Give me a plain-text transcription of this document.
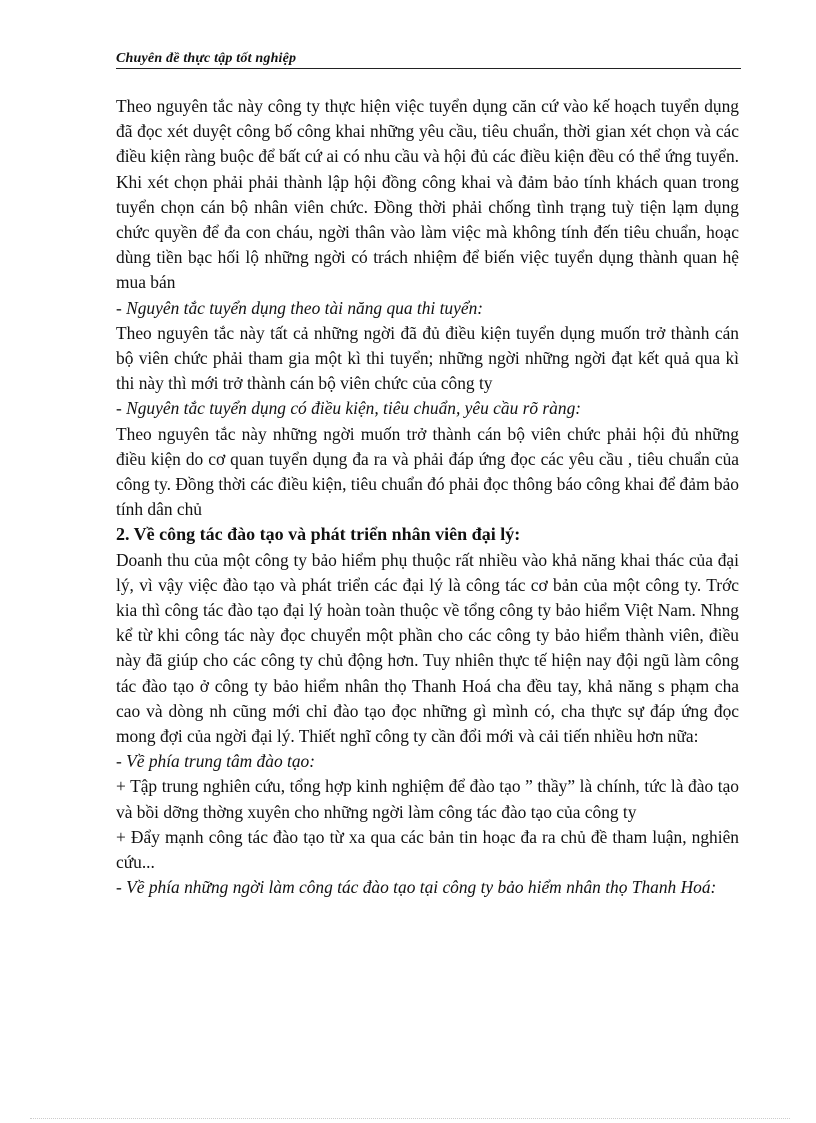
Chuyên đề thực tập tốt nghiệp

Theo nguyên tắc này công ty thực hiện việc tuyển dụng căn cứ vào kế hoạch tuyển dụng đã đọc xét duyệt công bố công khai những yêu cầu, tiêu chuẩn, thời gian xét chọn và các điều kiện ràng buộc để bất cứ ai có nhu cầu và hội đủ các điều kiện đều có thể ứng tuyển. Khi xét chọn phải phải thành lập hội đồng công khai và đảm bảo tính khách quan trong tuyển chọn cán bộ nhân viên chức. Đồng thời phải chống tình trạng tuỳ tiện lạm dụng chức quyền để đa con cháu, ngời thân vào làm việc mà không tính đến tiêu chuẩn, hoạc dùng tiền bạc hối lộ những ngời có trách nhiệm để biến việc tuyển dụng thành quan hệ mua bán

- Nguyên tắc tuyển dụng theo tài năng qua thi tuyển:

Theo nguyên tắc này tất cả những ngời đã đủ điều kiện tuyển dụng muốn trở thành cán bộ viên chức phải tham gia một kì thi tuyển; những ngời những ngời đạt kết quả qua kì thi này thì mới trở thành cán bộ viên chức của công ty

- Nguyên tắc tuyển dụng có điều kiện, tiêu chuẩn, yêu cầu rõ ràng:

Theo nguyên tắc này những ngời muốn trở thành cán bộ viên chức phải hội đủ những điều kiện do cơ quan tuyển dụng đa ra và phải đáp ứng đọc các yêu cầu , tiêu chuẩn của công ty. Đồng thời các điều kiện, tiêu chuẩn đó phải đọc thông báo công khai để đảm bảo tính dân chủ

2. Về công tác đào tạo và phát triển nhân viên đại lý:

Doanh thu của một công ty bảo hiểm phụ thuộc rất nhiều vào khả năng khai thác của đại lý, vì vậy việc đào tạo và phát triển các đại lý là công tác cơ bản của một công ty. Trớc kia thì công tác đào tạo đại lý hoàn toàn thuộc về tổng công ty bảo hiểm Việt Nam. Nhng kể từ khi công tác này đọc chuyển một phần cho các công ty bảo hiểm thành viên, điều này đã giúp cho các công ty chủ động hơn. Tuy nhiên thực tế hiện nay đội ngũ làm công tác đào tạo ở công ty bảo hiểm nhân thọ Thanh Hoá cha đều tay, khả năng s phạm cha cao và dòng nh cũng mới chỉ đào tạo đọc những gì mình có, cha thực sự đáp ứng đọc mong đợi của ngời đại lý. Thiết nghĩ công ty cần đổi mới và cải tiến nhiều hơn nữa:

- Về phía trung tâm đào tạo:

+ Tập trung nghiên cứu, tổng hợp kinh nghiệm để đào tạo ” thầy” là chính, tức là đào tạo và bồi dỡng thờng xuyên cho những ngời làm công tác đào tạo của công ty

+ Đẩy mạnh công tác đào tạo từ xa qua các bản tin hoạc đa ra chủ đề tham luận, nghiên cứu...

- Về phía những ngời làm công tác đào tạo tại công ty bảo hiểm nhân thọ Thanh Hoá:
